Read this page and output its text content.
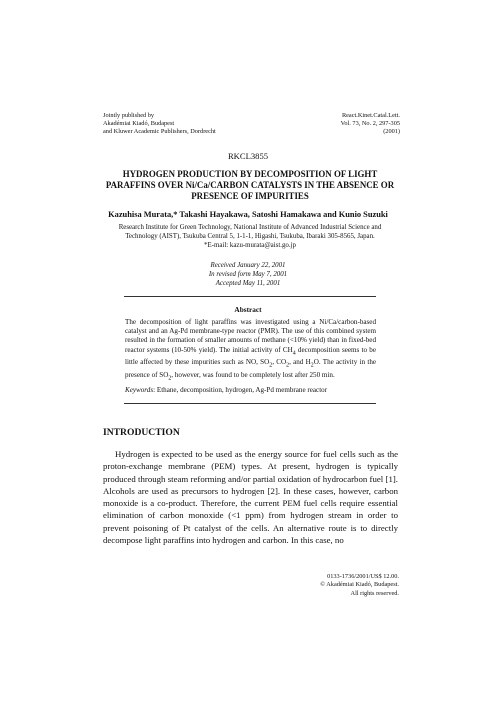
Jointly published by
Akadémiai Kiadó, Budapest
and Kluwer Academic Publishers, Dordrecht
React.Kinet.Catal.Lett.
Vol. 73, No. 2, 297-305
(2001)
RKCL3855
HYDROGEN PRODUCTION BY DECOMPOSITION OF LIGHT PARAFFINS OVER Ni/Ca/CARBON CATALYSTS IN THE ABSENCE OR PRESENCE OF IMPURITIES
Kazuhisa Murata,* Takashi Hayakawa, Satoshi Hamakawa and Kunio Suzuki
Research Institute for Green Technology, National Institute of Advanced Industrial Science and
Technology (AIST), Tsukuba Central 5, 1-1-1, Higashi, Tsukuba, Ibaraki 305-8565, Japan.
*E-mail: kazu-murata@aist.go.jp
Received January 22, 2001
In revised form May 7, 2001
Accepted May 11, 2001
Abstract
The decomposition of light paraffins was investigated using a Ni/Ca/carbon-based catalyst and an Ag-Pd membrane-type reactor (PMR). The use of this combined system resulted in the formation of smaller amounts of methane (<10% yield) than in fixed-bed reactor systems (10-50% yield). The initial activity of $CH_4$ decomposition seems to be little affected by these impurities such as NO, $SO_2$, $CO_2$, and $H_2O$. The activity in the presence of $SO_2$, however, was found to be completely lost after 250 min.
Keywords: Ethane, decomposition, hydrogen, Ag-Pd membrane reactor
INTRODUCTION
Hydrogen is expected to be used as the energy source for fuel cells such as the proton-exchange membrane (PEM) types. At present, hydrogen is typically produced through steam reforming and/or partial oxidation of hydrocarbon fuel [1]. Alcohols are used as precursors to hydrogen [2]. In these cases, however, carbon monoxide is a co-product. Therefore, the current PEM fuel cells require essential elimination of carbon monoxide (<1 ppm) from hydrogen stream in order to prevent poisoning of Pt catalyst of the cells. An alternative route is to directly decompose light paraffins into hydrogen and carbon. In this case, no
0133-1736/2001/US$ 12.00.
© Akadémiai Kiadó, Budapest.
All rights reserved.
